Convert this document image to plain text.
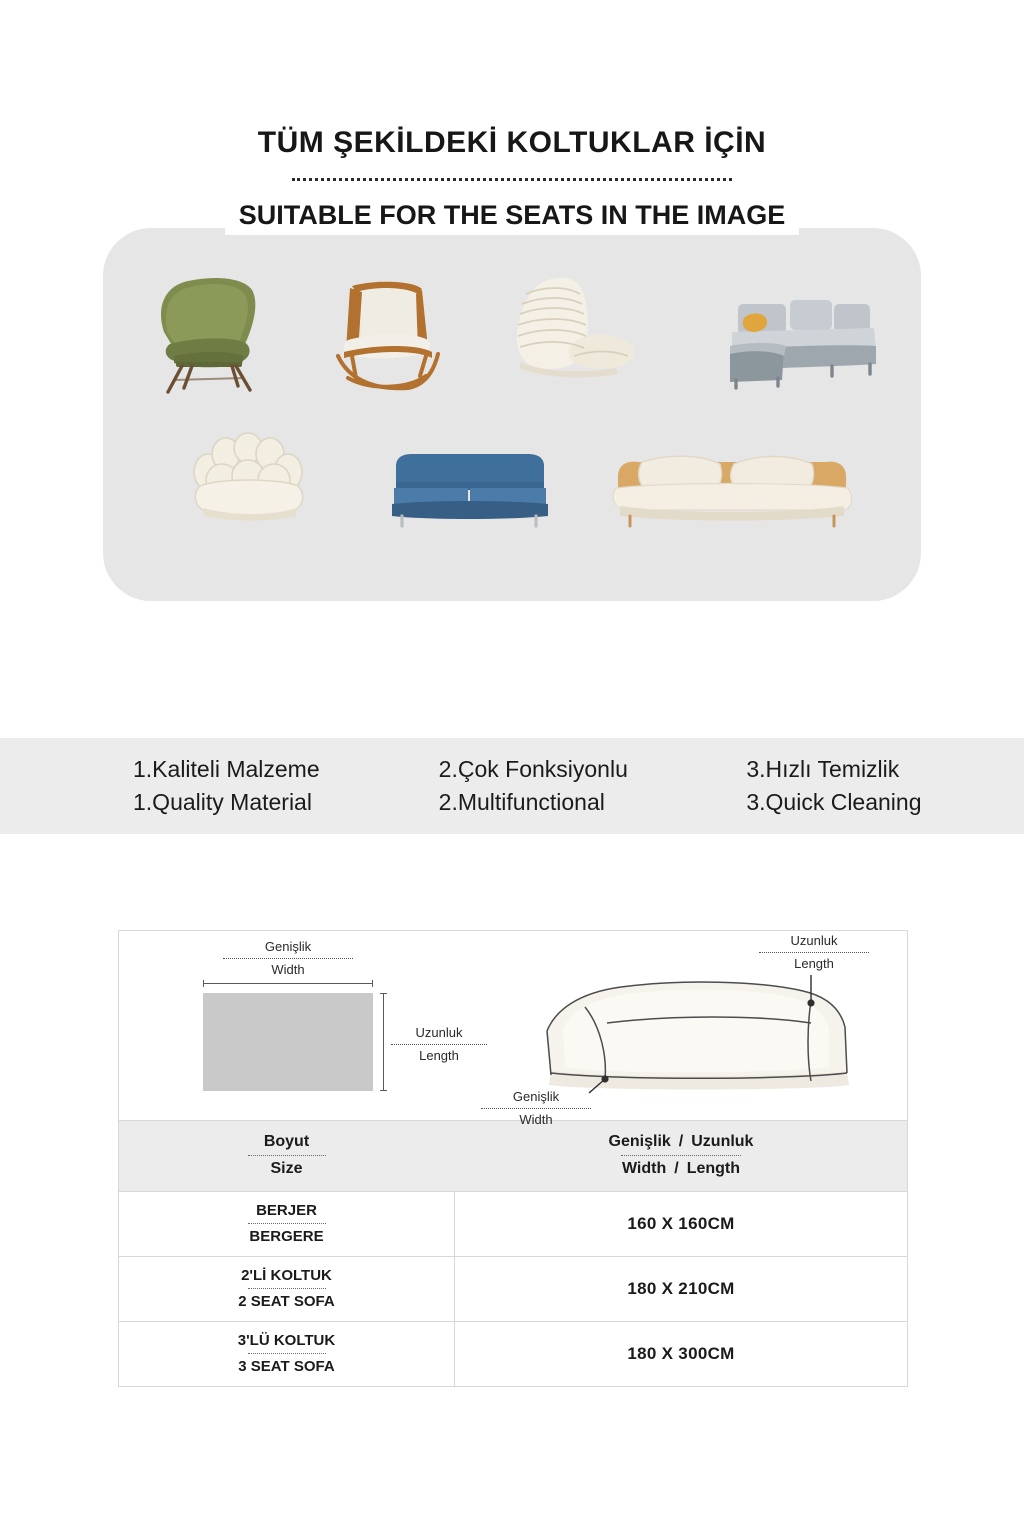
TÜM ŞEKİLDEKİ KOLTUKLAR İÇİN
SUITABLE FOR THE SEATS IN THE IMAGE
1.Kaliteli Malzeme
1.Quality Material
2.Çok Fonksiyonlu
2.Multifunctional
3.Hızlı Temizlik
3.Quick Cleaning
Genişlik
Width
Uzunluk
Length
Uzunluk
Length
Genişlik
Width
Boyut
Size
Genişlik / Uzunluk
Width / Length
BERJER
BERGERE
160 X 160CM
2'Lİ KOLTUK
2 SEAT SOFA
180 X 210CM
3'LÜ KOLTUK
3 SEAT SOFA
180 X 300CM
